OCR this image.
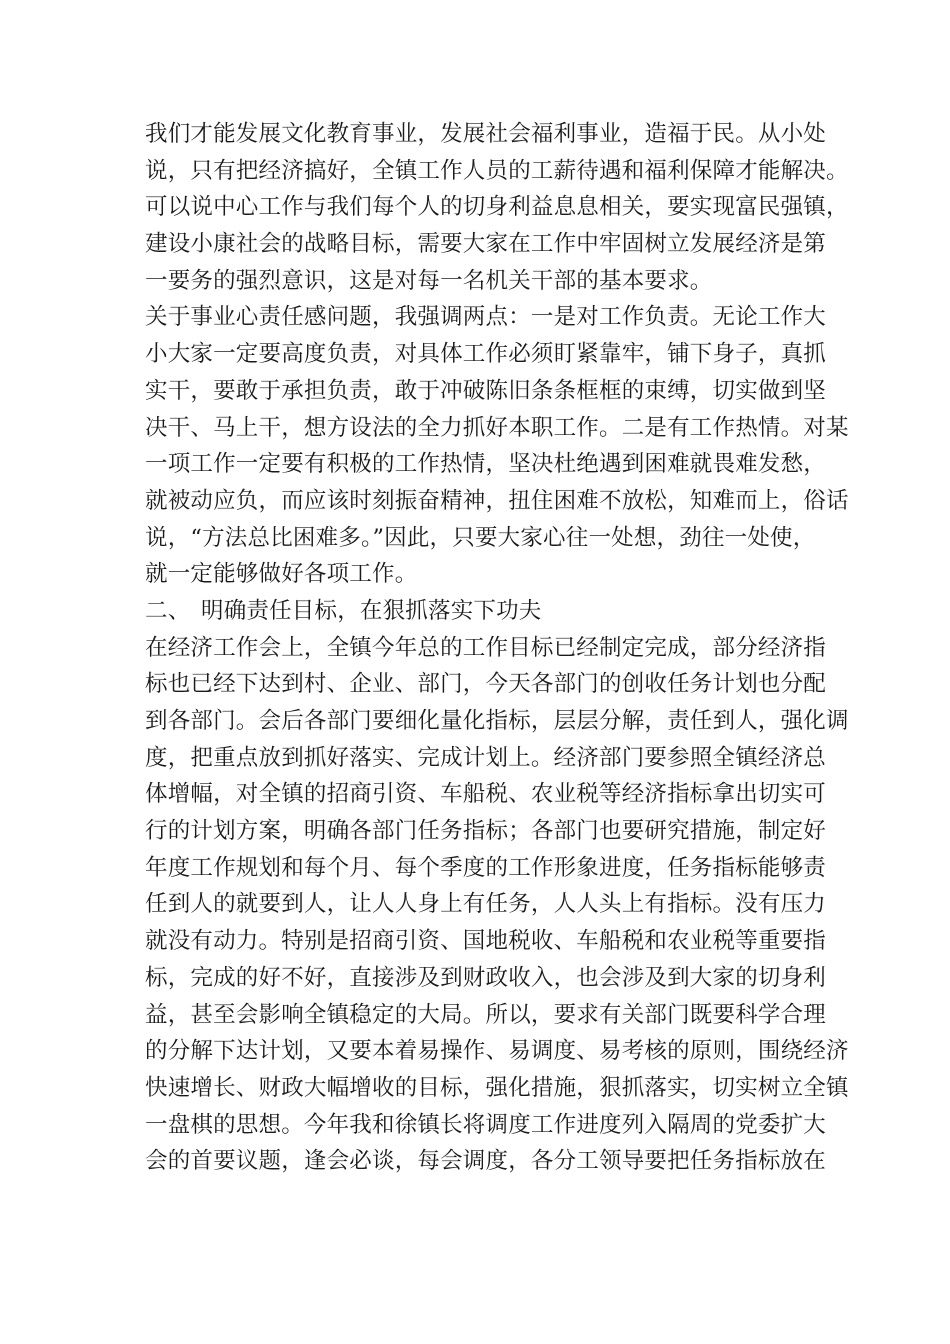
我们才能发展文化教育事业，发展社会福利事业，造福于民。从小处
说，只有把经济搞好，全镇工作人员的工薪待遇和福利保障才能解决。
可以说中心工作与我们每个人的切身利益息息相关，要实现富民强镇，
建设小康社会的战略目标，需要大家在工作中牢固树立发展经济是第
一要务的强烈意识，这是对每一名机关干部的基本要求。
关于事业心责任感问题，我强调两点：一是对工作负责。无论工作大
小大家一定要高度负责，对具体工作必须盯紧靠牢，铺下身子，真抓
实干，要敢于承担负责，敢于冲破陈旧条条框框的束缚，切实做到坚
决干、马上干，想方设法的全力抓好本职工作。二是有工作热情。对某
一项工作一定要有积极的工作热情，坚决杜绝遇到困难就畏难发愁，
就被动应负，而应该时刻振奋精神，扭住困难不放松，知难而上，俗话
说，“方法总比困难多。”因此，只要大家心往一处想，劲往一处使，
就一定能够做好各项工作。
二、 明确责任目标，在狠抓落实下功夫
在经济工作会上，全镇今年总的工作目标已经制定完成，部分经济指
标也已经下达到村、企业、部门，今天各部门的创收任务计划也分配
到各部门。会后各部门要细化量化指标，层层分解，责任到人，强化调
度，把重点放到抓好落实、完成计划上。经济部门要参照全镇经济总
体增幅，对全镇的招商引资、车船税、农业税等经济指标拿出切实可
行的计划方案，明确各部门任务指标；各部门也要研究措施，制定好
年度工作规划和每个月、每个季度的工作形象进度，任务指标能够责
任到人的就要到人，让人人身上有任务，人人头上有指标。没有压力
就没有动力。特别是招商引资、国地税收、车船税和农业税等重要指
标，完成的好不好，直接涉及到财政收入，也会涉及到大家的切身利
益，甚至会影响全镇稳定的大局。所以，要求有关部门既要科学合理
的分解下达计划，又要本着易操作、易调度、易考核的原则，围绕经济
快速增长、财政大幅增收的目标，强化措施，狠抓落实，切实树立全镇
一盘棋的思想。今年我和徐镇长将调度工作进度列入隔周的党委扩大
会的首要议题，逢会必谈，每会调度，各分工领导要把任务指标放在
